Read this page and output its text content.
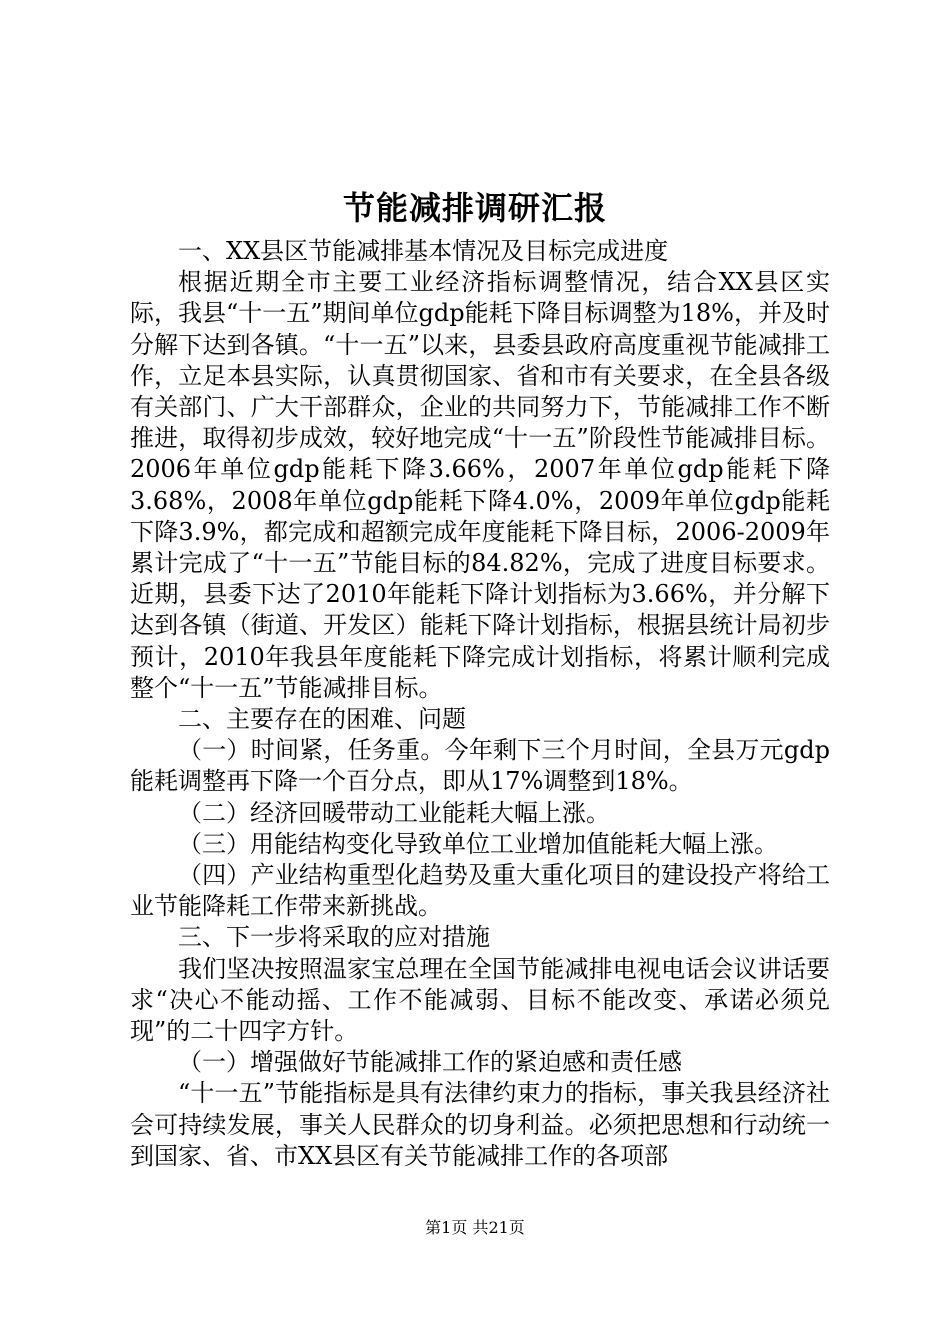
节能减排调研汇报

一、XX县区节能减排基本情况及目标完成进度

根据近期全市主要工业经济指标调整情况，结合XX县区实际，我县“十一五”期间单位gdp能耗下降目标调整为18%，并及时分解下达到各镇。“十一五”以来，县委县政府高度重视节能减排工作，立足本县实际，认真贯彻国家、省和市有关要求，在全县各级有关部门、广大干部群众，企业的共同努力下，节能减排工作不断推进，取得初步成效，较好地完成“十一五”阶段性节能减排目标。2006年单位gdp能耗下降3.66%，2007年单位gdp能耗下降3.68%，2008年单位gdp能耗下降4.0%，2009年单位gdp能耗下降3.9%，都完成和超额完成年度能耗下降目标，2006-2009年累计完成了“十一五”节能目标的84.82%，完成了进度目标要求。近期，县委下达了2010年能耗下降计划指标为3.66%，并分解下达到各镇（街道、开发区）能耗下降计划指标，根据县统计局初步预计，2010年我县年度能耗下降完成计划指标，将累计顺利完成整个“十一五”节能减排目标。

二、主要存在的困难、问题

（一）时间紧，任务重。今年剩下三个月时间，全县万元gdp能耗调整再下降一个百分点，即从17%调整到18%。

（二）经济回暖带动工业能耗大幅上涨。

（三）用能结构变化导致单位工业增加值能耗大幅上涨。

（四）产业结构重型化趋势及重大重化项目的建设投产将给工业节能降耗工作带来新挑战。

三、下一步将采取的应对措施

我们坚决按照温家宝总理在全国节能减排电视电话会议讲话要求“决心不能动摇、工作不能减弱、目标不能改变、承诺必须兑现”的二十四字方针。

（一）增强做好节能减排工作的紧迫感和责任感

“十一五”节能指标是具有法律约束力的指标，事关我县经济社会可持续发展，事关人民群众的切身利益。必须把思想和行动统一到国家、省、市XX县区有关节能减排工作的各项部

第1页 共21页
